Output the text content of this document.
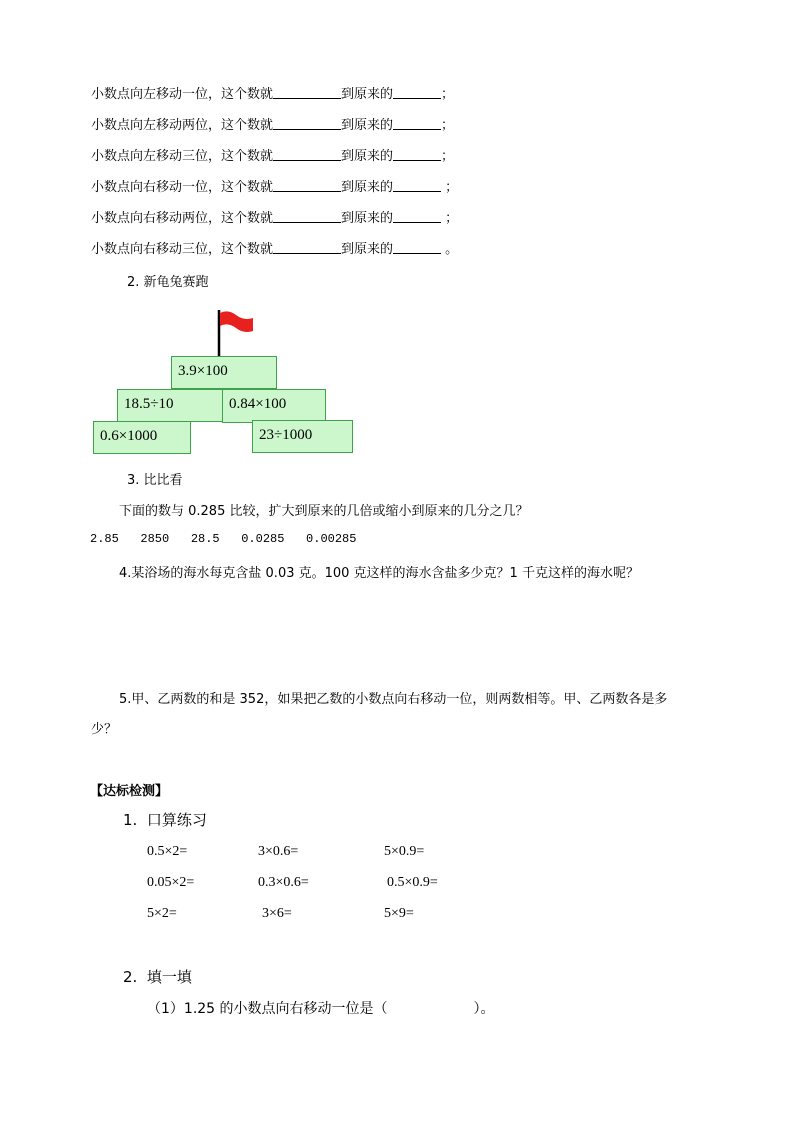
小数点向左移动一位，这个数就	到原来的	；
小数点向左移动两位，这个数就	到原来的	；
小数点向左移动三位，这个数就	到原来的	；
小数点向右移动一位，这个数就	到原来的	；
小数点向右移动两位，这个数就	到原来的	；
小数点向右移动三位，这个数就	到原来的	。
2. 新龟兔赛跑
3.9×100
18.5÷10	0.84×100
0.6×1000	23÷1000
3. 比比看
下面的数与 0.285 比较，扩大到原来的几倍或缩小到原来的几分之几？
2.85   2850   28.5   0.0285   0.00285
4.某浴场的海水每克含盐 0.03 克。100 克这样的海水含盐多少克？1 千克这样的海水呢？
5.甲、乙两数的和是 352，如果把乙数的小数点向右移动一位，则两数相等。甲、乙两数各是多
少？
【达标检测】
1.  口算练习
0.5×2=	3×0.6=	5×0.9=
0.05×2=	0.3×0.6=	0.5×0.9=
5×2=	3×6=	5×9=
2.  填一填
（1）1.25 的小数点向右移动一位是（	）。
